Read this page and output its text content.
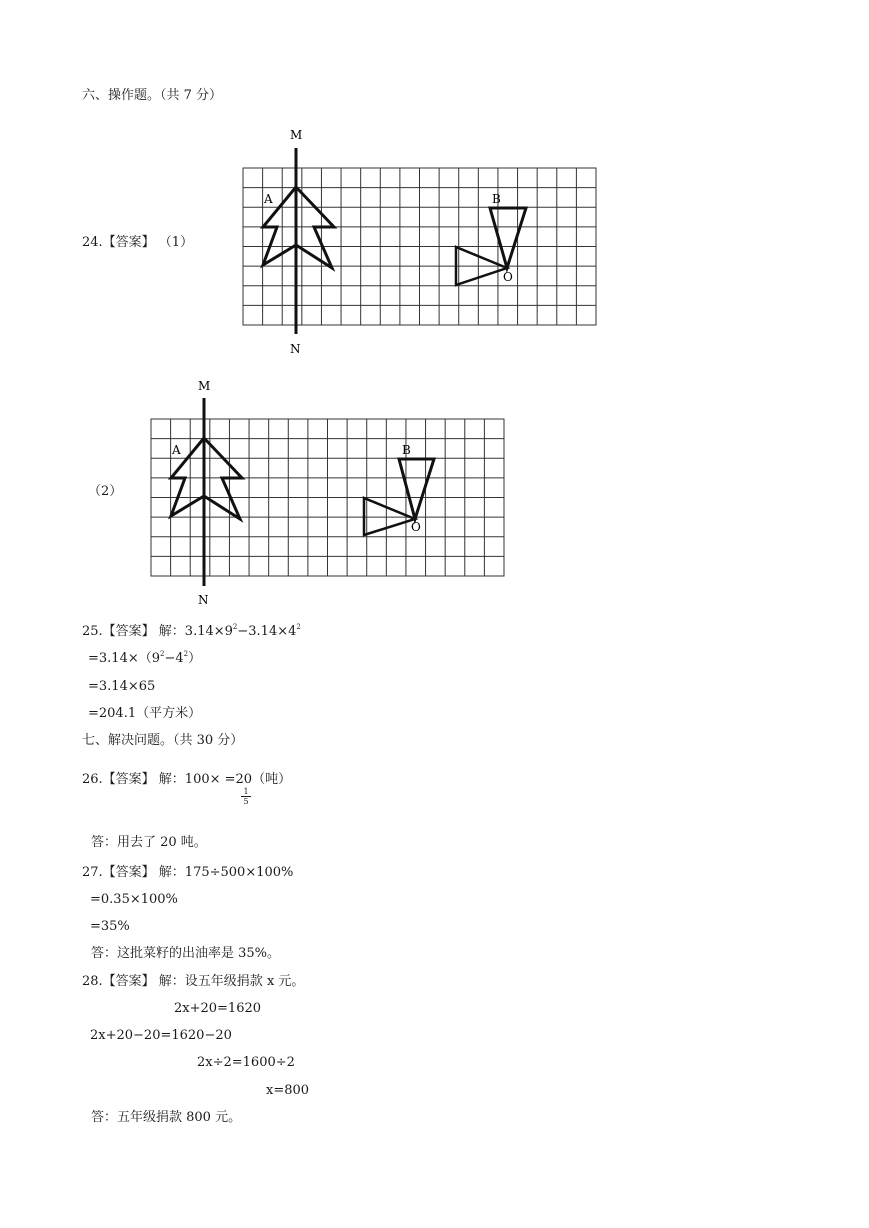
六、操作题。（共 7 分）
24.【答案】 （1）
M
N
A	B
O
（2）
M
N
A	B
O
25.【答案】 解：$3.14\times 9^2-3.14\times 4^2$
$=3.14\times(9^2-4^2)$
=3.14×65
=204.1（平方米）
七、解决问题。（共 30 分）
26.【答案】 解：100× =20（吨）
1
5
答：用去了 20 吨。
27.【答案】 解：175÷500×100%
=0.35×100%
=35%
答：这批菜籽的出油率是 35%。
28.【答案】 解：设五年级捐款 x 元。
2x+20=1620
2x+20−20=1620−20
2x÷2=1600÷2
x=800
答：五年级捐款 800 元。
